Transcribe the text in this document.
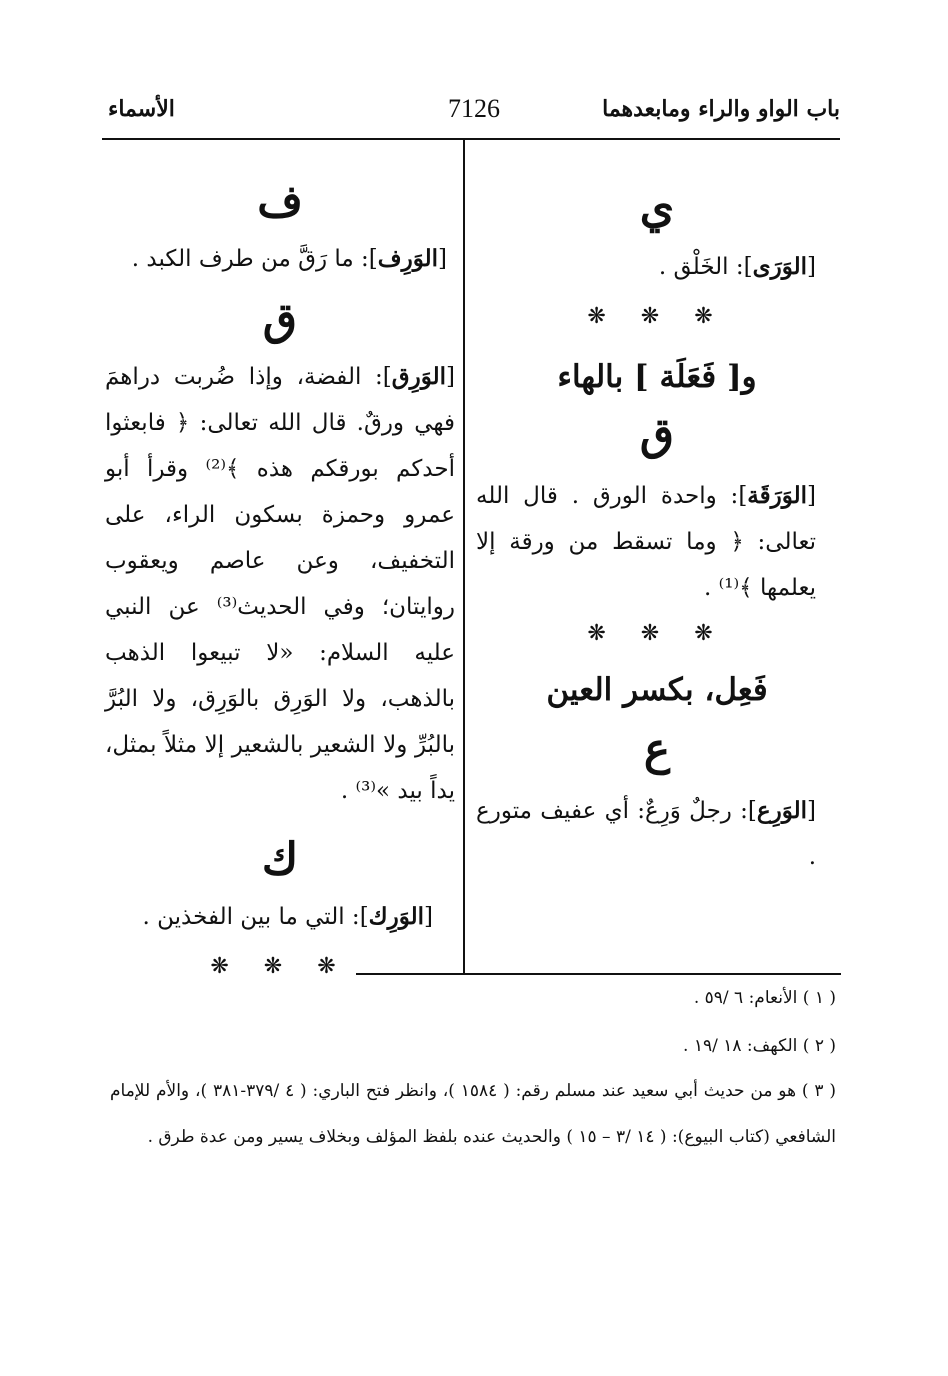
باب الواو والراء ومابعدهما
7126
الأسماء
ي
[الوَرَى]: الخَلْق .
❋ ❋ ❋
و[ فَعَلَة ] بالهاء
ق
[الوَرَقَة]: واحدة الورق . قال الله تعالى: ﴿ وما تسقط من ورقة إلا يعلمها ﴾⁽¹⁾ .
❋ ❋ ❋
فَعِل، بكسر العين
ع
[الوَرِع]: رجلٌ وَرِعٌ: أي عفيف متورع .
ف
[الوَرِف]: ما رَقَّ من طرف الكبد .
ق
[الوَرِق]: الفضة، وإذا ضُربت دراهمَ فهي ورقٌ. قال الله تعالى: ﴿ فابعثوا أحدكم بورقكم هذه ﴾⁽²⁾ وقرأ أبو عمرو وحمزة بسكون الراء، على التخفيف، وعن عاصم ويعقوب روايتان؛ وفي الحديث⁽³⁾ عن النبي عليه السلام: «لا تبيعوا الذهب بالذهب، ولا الوَرِق بالوَرِق، ولا البُرَّ بالبُرِّ ولا الشعير بالشعير إلا مثلاً بمثل، يداً بيد »⁽³⁾ .
ك
[الوَرِك]: التي ما بين الفخذين .
❋ ❋ ❋
( ١ ) الأنعام: ٦ /٥٩ .
( ٢ ) الكهف: ١٨ /١٩ .
( ٣ ) هو من حديث أبي سعيد عند مسلم رقم: ( ١٥٨٤ )، وانظر فتح الباري: ( ٤ /٣٧٩-٣٨١ )، والأم للإمام الشافعي (كتاب البيوع): ( ١٤ /٣ – ١٥ ) والحديث عنده بلفظ المؤلف وبخلاف يسير ومن عدة طرق .
